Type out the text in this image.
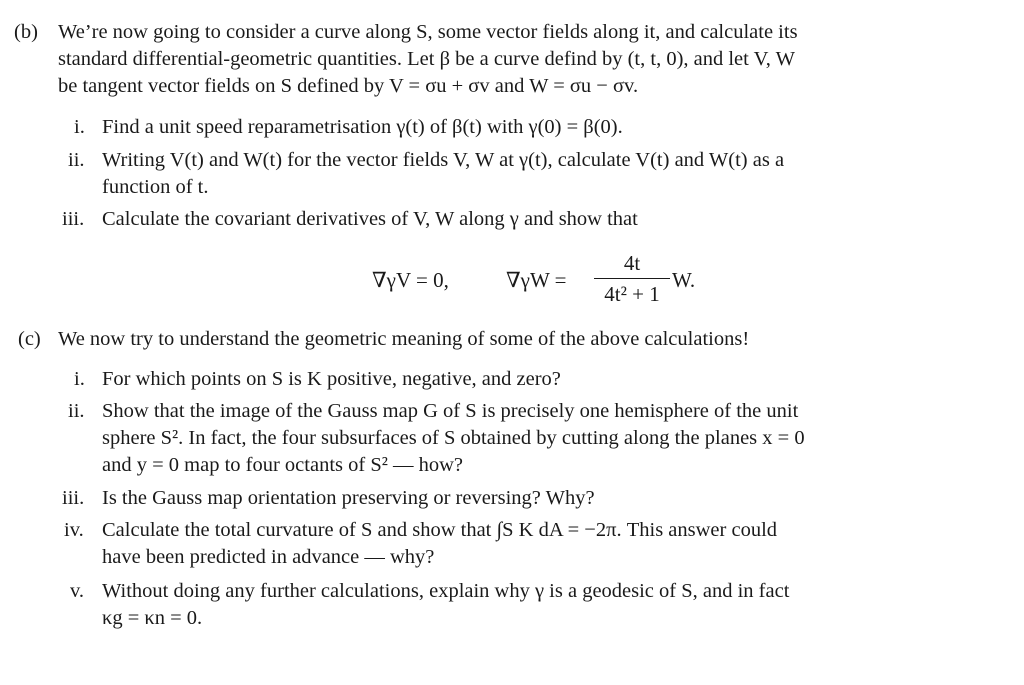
(b) We’re now going to consider a curve along S, some vector fields along it, and calculate its
standard differential-geometric quantities. Let β be a curve defind by (t, t, 0), and let V, W
be tangent vector fields on S defined by V = σu + σv and W = σu − σv.
i. Find a unit speed reparametrisation γ(t) of β(t) with γ(0) = β(0).
ii. Writing V(t) and W(t) for the vector fields V, W at γ(t), calculate V(t) and W(t) as a
function of t.
iii. Calculate the covariant derivatives of V, W along γ and show that
∇γV = 0,	∇γW =
4t
4t² + 1
W.
(c) We now try to understand the geometric meaning of some of the above calculations!
i. For which points on S is K positive, negative, and zero?
ii. Show that the image of the Gauss map G of S is precisely one hemisphere of the unit
sphere S². In fact, the four subsurfaces of S obtained by cutting along the planes x = 0
and y = 0 map to four octants of S² — how?
iii. Is the Gauss map orientation preserving or reversing? Why?
iv. Calculate the total curvature of S and show that ∫S K dA = −2π. This answer could
have been predicted in advance — why?
v. Without doing any further calculations, explain why γ is a geodesic of S, and in fact
κg = κn = 0.
